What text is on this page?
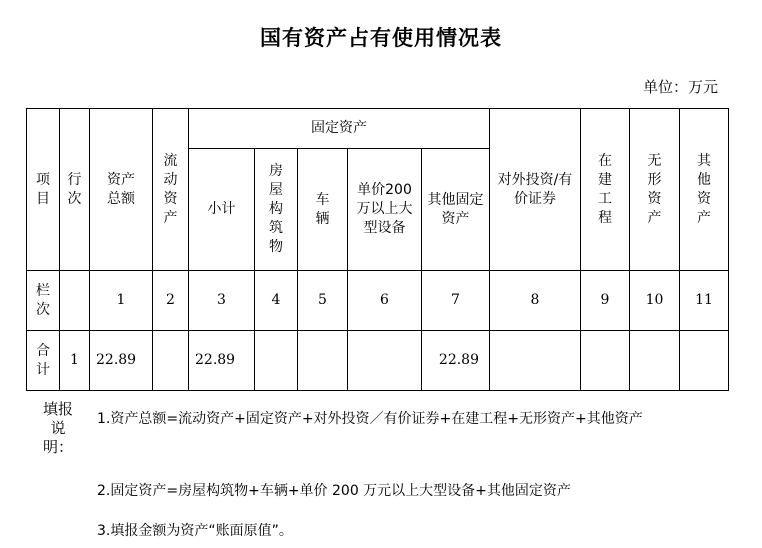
国有资产占有使用情况表
单位：万元
项目	行次	资产总额	流动资产	固定资产					对外投资/有价证券	在建工程	无形资产	其他资产

				小计	房屋构筑物	车辆	单价200万以上大型设备	其他固定资产				

栏次		1	2	3	4	5	6	7	8	9	10	11

合计	1	22.89		22.89				22.89				
填报说明：
1.资产总额=流动资产+固定资产+对外投资／有价证券+在建工程+无形资产+其他资产
2.固定资产=房屋构筑物+车辆+单价 200 万元以上大型设备+其他固定资产
3.填报金额为资产“账面原值”。
